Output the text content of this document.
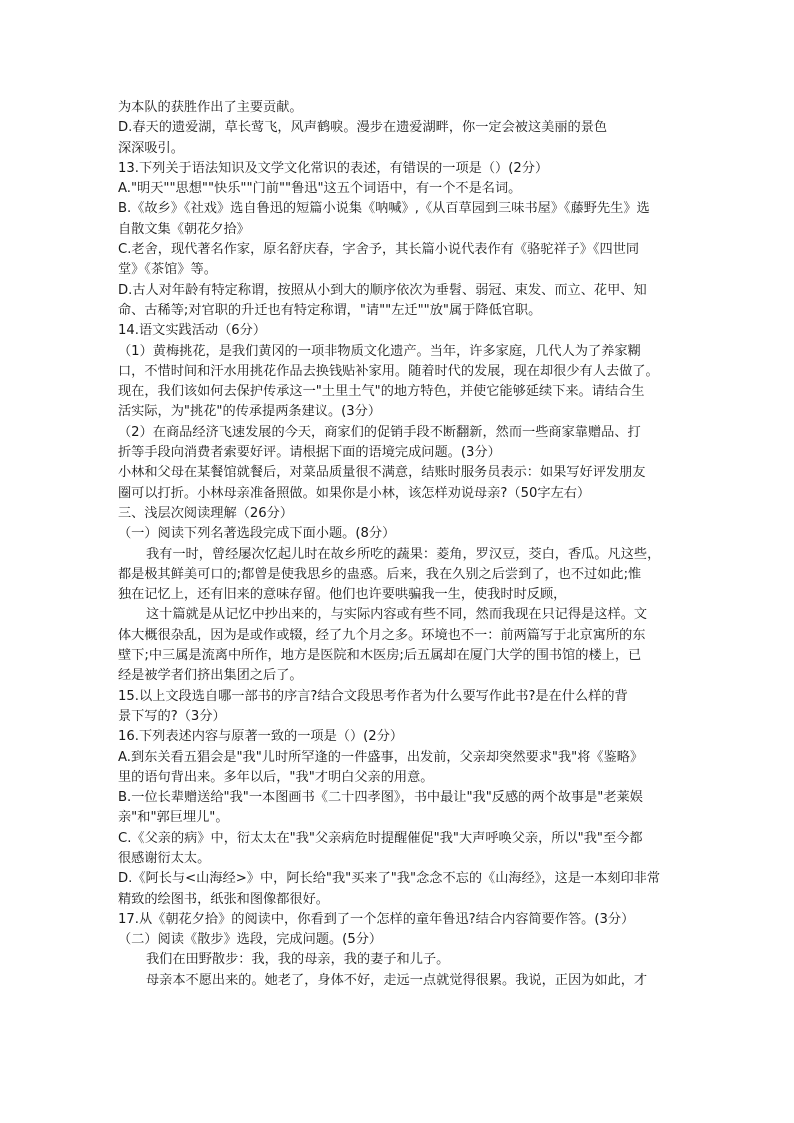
为本队的获胜作出了主要贡献。
D.春天的遗爱湖，草长莺飞，风声鹤唳。漫步在遗爱湖畔，你一定会被这美丽的景色
深深吸引。
13.下列关于语法知识及文学文化常识的表述，有错误的一项是（）(2分）
A."明天""思想""快乐""门前""鲁迅"这五个词语中，有一个不是名词。
B.《故乡》《社戏》选自鲁迅的短篇小说集《呐喊》,《从百草园到三味书屋》《藤野先生》选
自散文集《朝花夕拾》
C.老舍，现代著名作家，原名舒庆春，字舍予，其长篇小说代表作有《骆驼祥子》《四世同
堂》《茶馆》等。
D.古人对年龄有特定称谓，按照从小到大的顺序依次为垂髫、弱冠、束发、而立、花甲、知
命、古稀等;对官职的升迁也有特定称谓，"请""左迁""放"属于降低官职。
14.语文实践活动（6分）
（1）黄梅挑花，是我们黄冈的一项非物质文化遗产。当年，许多家庭，几代人为了养家糊
口，不惜时间和汗水用挑花作品去换钱贴补家用。随着时代的发展，现在却很少有人去做了。
现在，我们该如何去保护传承这一"土里土气"的地方特色，并使它能够延续下来。请结合生
活实际，为"挑花"的传承提两条建议。(3分）
（2）在商品经济飞速发展的今天，商家们的促销手段不断翻新，然而一些商家靠赠品、打
折等手段向消费者索要好评。请根据下面的语境完成问题。(3分）
小林和父母在某餐馆就餐后，对菜品质量很不满意，结账时服务员表示：如果写好评发朋友
圈可以打折。小林母亲准备照做。如果你是小林，该怎样劝说母亲?（50字左右）
三、浅层次阅读理解（26分）
（一）阅读下列名著选段完成下面小题。(8分）
我有一时，曾经屡次忆起儿时在故乡所吃的蔬果：菱角，罗汉豆，茭白，香瓜。凡这些，
都是极其鲜美可口的;都曾是使我思乡的蛊惑。后来，我在久别之后尝到了，也不过如此;惟
独在记忆上，还有旧来的意味存留。他们也许要哄骗我一生，使我时时反顾，
这十篇就是从记忆中抄出来的，与实际内容或有些不同，然而我现在只记得是这样。文
体大概很杂乱，因为是或作或辍，经了九个月之多。环境也不一：前两篇写于北京寓所的东
壁下;中三属是流离中所作，地方是医院和木医房;后五属却在厦门大学的围书馆的楼上，已
经是被学者们挤出集团之后了。
15.以上文段选自哪一部书的序言?结合文段思考作者为什么要写作此书?是在什么样的背
景下写的?（3分）
16.下列表述内容与原著一致的一项是（）(2分）
A.到东关看五猖会是"我"儿时所罕逢的一件盛事，出发前，父亲却突然要求"我"将《鉴略》
里的语句背出来。多年以后，"我"才明白父亲的用意。
B.一位长辈赠送给"我"一本图画书《二十四孝图》，书中最让"我"反感的两个故事是"老莱娱
亲"和"郭巨埋儿"。
C.《父亲的病》中，衍太太在"我"父亲病危时提醒催促"我"大声呼唤父亲，所以"我"至今都
很感谢衍太太。
D.《阿长与<山海经>》中，阿长给"我"买来了"我"念念不忘的《山海经》，这是一本刻印非常
精致的绘图书，纸张和图像都很好。
17.从《朝花夕拾》的阅读中，你看到了一个怎样的童年鲁迅?结合内容简要作答。(3分）
（二）阅读《散步》选段，完成问题。(5分）
我们在田野散步：我，我的母亲，我的妻子和儿子。
母亲本不愿出来的。她老了，身体不好，走远一点就觉得很累。我说，正因为如此，才
